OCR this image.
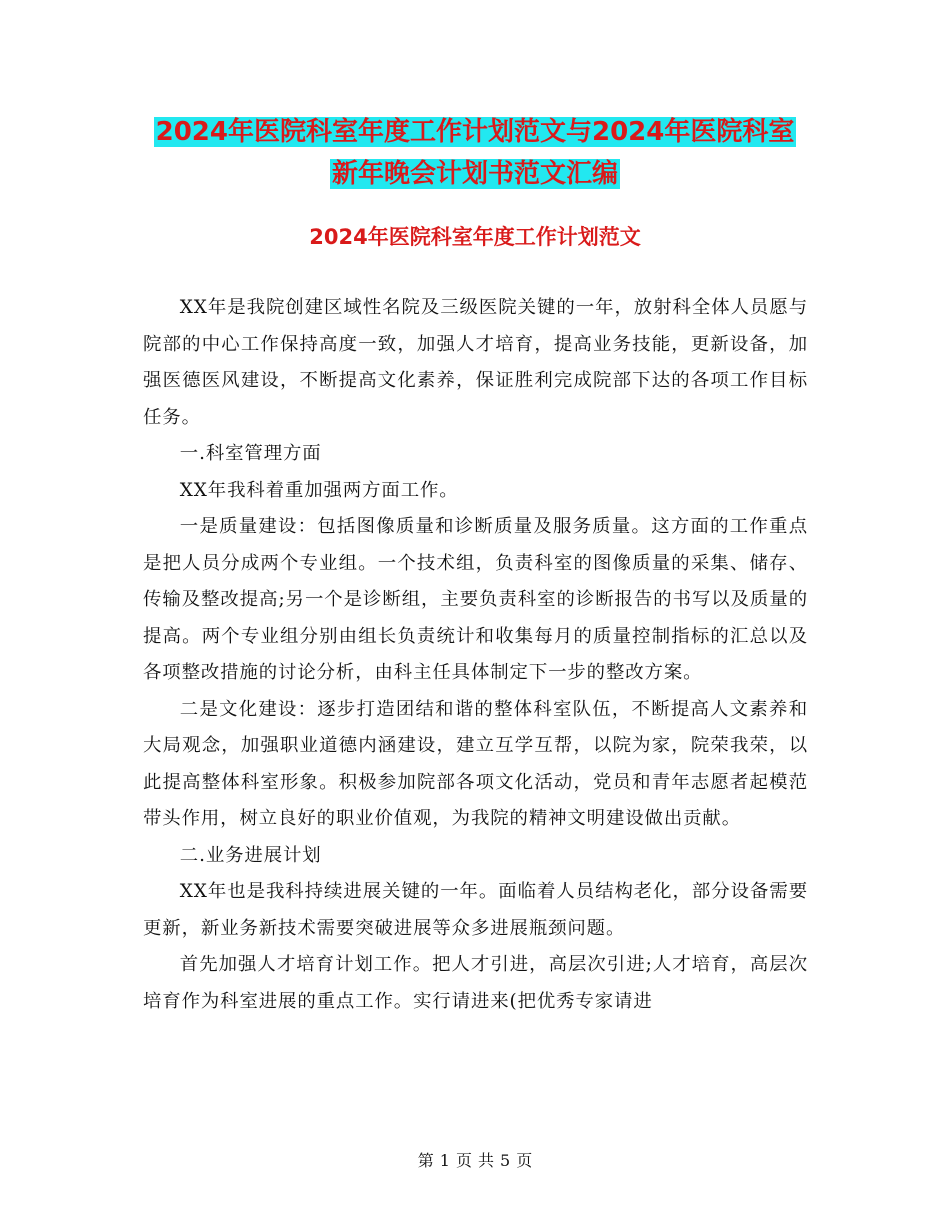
2024年医院科室年度工作计划范文与2024年医院科室
新年晚会计划书范文汇编
2024年医院科室年度工作计划范文

XX年是我院创建区域性名院及三级医院关键的一年，放射科全体人员愿与院部的中心工作保持高度一致，加强人才培育，提高业务技能，更新设备，加强医德医风建设，不断提高文化素养，保证胜利完成院部下达的各项工作目标任务。

一.科室管理方面

XX年我科着重加强两方面工作。

一是质量建设：包括图像质量和诊断质量及服务质量。这方面的工作重点是把人员分成两个专业组。一个技术组，负责科室的图像质量的采集、储存、传输及整改提高;另一个是诊断组，主要负责科室的诊断报告的书写以及质量的提高。两个专业组分别由组长负责统计和收集每月的质量控制指标的汇总以及各项整改措施的讨论分析，由科主任具体制定下一步的整改方案。

二是文化建设：逐步打造团结和谐的整体科室队伍，不断提高人文素养和大局观念，加强职业道德内涵建设，建立互学互帮，以院为家，院荣我荣，以此提高整体科室形象。积极参加院部各项文化活动，党员和青年志愿者起模范带头作用，树立良好的职业价值观，为我院的精神文明建设做出贡献。

二.业务进展计划

XX年也是我科持续进展关键的一年。面临着人员结构老化，部分设备需要更新，新业务新技术需要突破进展等众多进展瓶颈问题。

首先加强人才培育计划工作。把人才引进，高层次引进;人才培育，高层次培育作为科室进展的重点工作。实行请进来(把优秀专家请进

第 1 页 共 5 页
